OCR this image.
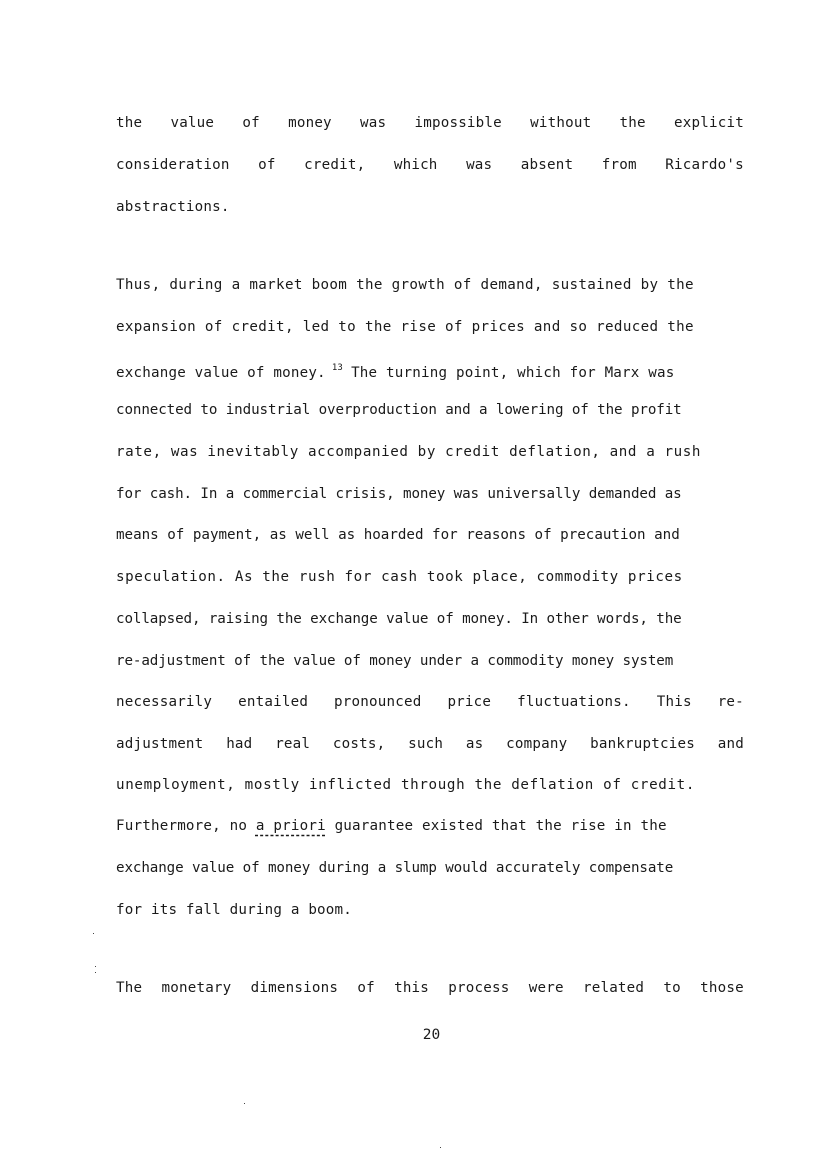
the value of money was impossible without the explicit
consideration of credit, which was absent from Ricardo's
abstractions.
Thus, during a market boom the growth of demand, sustained by the
expansion of credit, led to the rise of prices and so reduced the
exchange value of money. $^{13}$ The turning point, which for Marx was
connected to industrial overproduction and a lowering of the profit
rate, was inevitably accompanied by credit deflation, and a rush
for cash. In a commercial crisis, money was universally demanded as
means of payment, as well as hoarded for reasons of precaution and
speculation. As the rush for cash took place, commodity prices
collapsed, raising the exchange value of money. In other words, the
re-adjustment of the value of money under a commodity money system
necessarily entailed pronounced price fluctuations. This re-
adjustment had real costs, such as company bankruptcies and
unemployment, mostly inflicted through the deflation of credit.
Furthermore, no a priori guarantee existed that the rise in the
exchange value of money during a slump would accurately compensate
for its fall during a boom.
The monetary dimensions of this process were related to those
20
